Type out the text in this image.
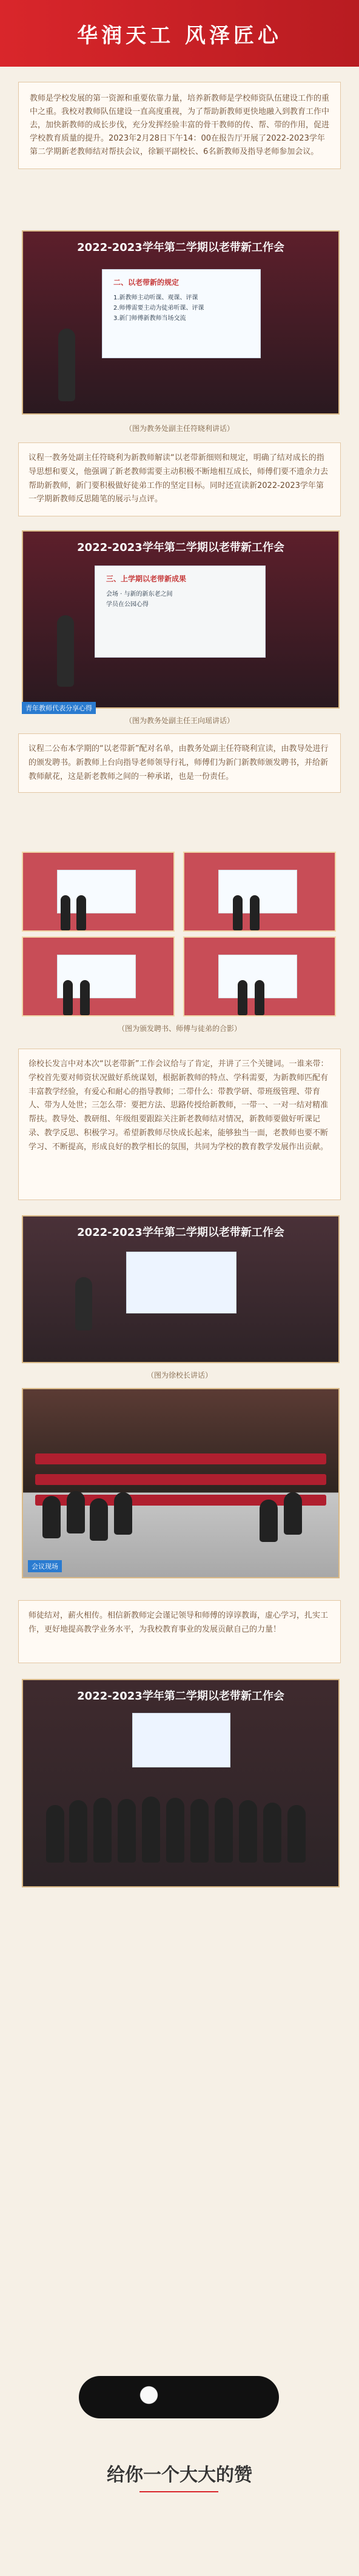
华润天工 风泽匠心
教师是学校发展的第一资源和重要依靠力量，培养新教师是学校师资队伍建设工作的重中之重。我校对教师队伍建设一直高度重视，为了帮助新教师更快地融入到教育工作中去，加快新教师的成长步伐，充分发挥经验丰富的骨干教师的传、帮、带的作用，促进学校教育质量的提升。2023年2月28日下午14：00在报告厅开展了2022-2023学年第二学期新老教师结对帮扶会议，徐颖平副校长、6名新教师及指导老师参加会议。
2022-2023学年第二学期以老带新工作会
二、以老带新的规定
1.新教师主动听课、观课、评课
2.师傅需要主动为徒弟听课、评课
3.新门师傅新教师当场交流
（图为教务处副主任符晓利讲话）
议程一教务处副主任符晓利为新教师解读“以老带新细则和规定，明确了结对成长的指导思想和要义，他强调了新老教师需要主动积极不断地相互成长，师傅们要不遗余力去帮助新教师，新门要积极做好徒弟工作的坚定目标。同时还宣读新2022-2023学年第一学期新教师反思随笔的展示与点评。
2022-2023学年第二学期以老带新工作会
三、上学期以老带新成果
会场 · 与新的新东老之间
学员在公园心得
青年教师代表分享心得
（图为教务处副主任王向瑶讲话）
议程二公布本学期的“以老带新”配对名单，由教务处副主任符晓利宣读，由教导处进行的颁发聘书。新教师上台向指导老师领导行礼，师傅们为新门新教师颁发聘书，并给新教师献花，这是新老教师之间的一种承诺，也是一份责任。
（图为颁发聘书、师傅与徒弟的合影）
徐校长发言中对本次“以老带新”工作会议给与了肯定，并讲了三个关键词。一谁来带：学校首先要对师资状况做好系统谋划，根据新教师的特点、学科需要，为新教师匹配有丰富教学经验，有爱心和耐心的指导教师；二带什么：带教学研、带班级管理、带育人、带为人处世；三怎么带：要把方法、思路传授给新教师，一带一、一对一结对精准帮扶。教导处、教研组、年级组要跟踪关注新老教师结对情况，新教师要做好听课记录、教学反思、积极学习。希望新教师尽快成长起来，能够独当一面，老教师也要不断学习、不断提高，形成良好的教学相长的氛围，共同为学校的教育教学发展作出贡献。
2022-2023学年第二学期以老带新工作会
（图为徐校长讲话）
会议现场
师徒结对，薪火相传。相信新教师定会谨记领导和师傅的谆谆教诲，虚心学习，扎实工作，更好地提高教学业务水平，为我校教育事业的发展贡献自己的力量！
2022-2023学年第二学期以老带新工作会
给你一个大大的赞
